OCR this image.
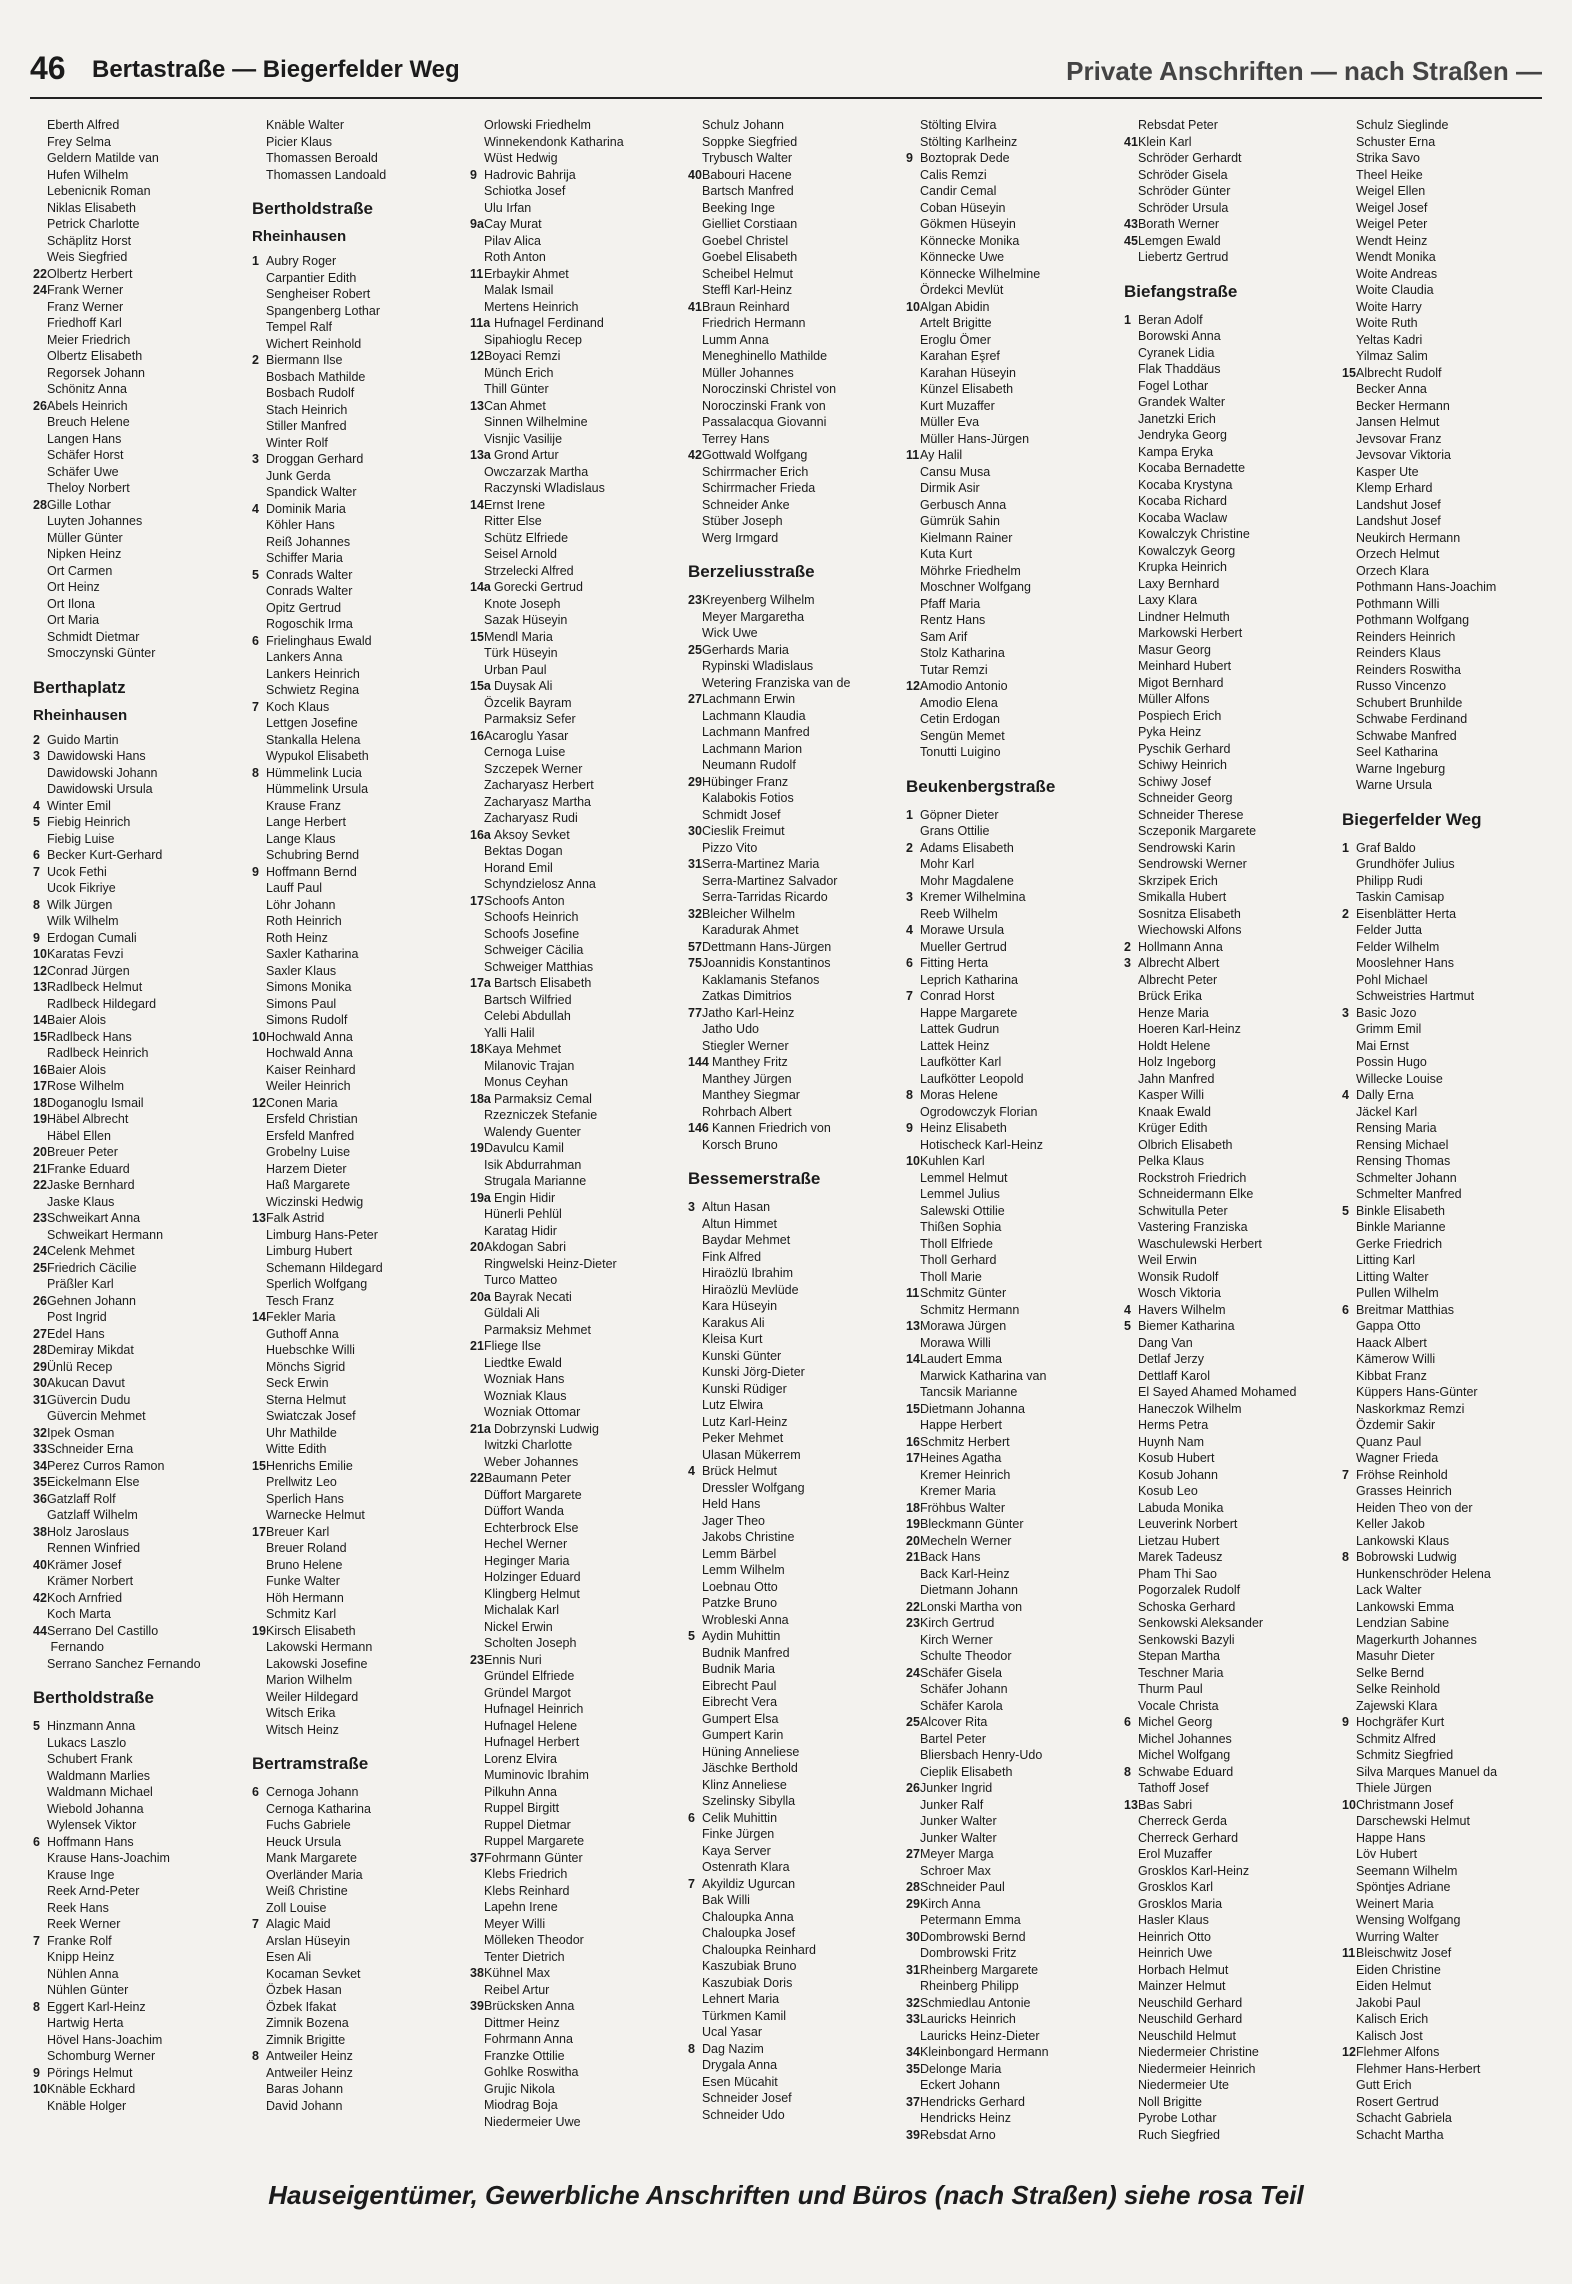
46 Bertastraße — Biegerfelder Weg	Private Anschriften — nach Straßen —
Eberth Alfred
Frey Selma
Geldern Matilde van
Hufen Wilhelm
Lebenicnik Roman
Niklas Elisabeth
Petrick Charlotte
Schäplitz Horst
Weis Siegfried
22Olbertz Herbert
24Frank Werner
Franz Werner
Friedhoff Karl
Meier Friedrich
Olbertz Elisabeth
Regorsek Johann
Schönitz Anna
26Abels Heinrich
Breuch Helene
Langen Hans
Schäfer Horst
Schäfer Uwe
Theloy Norbert
28Gille Lothar
Luyten Johannes
Müller Günter
Nipken Heinz
Ort Carmen
Ort Heinz
Ort Ilona
Ort Maria
Schmidt Dietmar
Smoczynski Günter
Berthaplatz
Rheinhausen
2 Guido Martin
3 Dawidowski Hans
Dawidowski Johann
Dawidowski Ursula
4 Winter Emil
5 Fiebig Heinrich
Fiebig Luise
6 Becker Kurt-Gerhard
7 Ucok Fethi
Ucok Fikriye
8 Wilk Jürgen
Wilk Wilhelm
9 Erdogan Cumali
10Karatas Fevzi
12Conrad Jürgen
13Radlbeck Helmut
Radlbeck Hildegard
14Baier Alois
15Radlbeck Hans
Radlbeck Heinrich
16Baier Alois
17Rose Wilhelm
18Doganoglu Ismail
19Häbel Albrecht
Häbel Ellen
20Breuer Peter
21Franke Eduard
22Jaske Bernhard
Jaske Klaus
23Schweikart Anna
Schweikart Hermann
24Celenk Mehmet
25Friedrich Cäcilie
Präßler Karl
26Gehnen Johann
Post Ingrid
27Edel Hans
28Demiray Mikdat
29Ünlü Recep
30Akucan Davut
31Güvercin Dudu
Güvercin Mehmet
32Ipek Osman
33Schneider Erna
34Perez Curros Ramon
35Eickelmann Else
36Gatzlaff Rolf
Gatzlaff Wilhelm
38Holz Jaroslaus
Rennen Winfried
40Krämer Josef
Krämer Norbert
42Koch Arnfried
Koch Marta
44Serrano Del Castillo
Fernando
Serrano Sanchez Fernando
Bertholdstraße
5 Hinzmann Anna
Lukacs Laszlo
Schubert Frank
Waldmann Marlies
Waldmann Michael
Wiebold Johanna
Wylensek Viktor
6 Hoffmann Hans
Krause Hans-Joachim
Krause Inge
Reek Arnd-Peter
Reek Hans
Reek Werner
7 Franke Rolf
Knipp Heinz
Nühlen Anna
Nühlen Günter
8 Eggert Karl-Heinz
Hartwig Herta
Hövel Hans-Joachim
Schomburg Werner
9 Pörings Helmut
10Knäble Eckhard
Knäble Holger
Knäble Walter
Picier Klaus
Thomassen Beroald
Thomassen Landoald
Bertholdstraße
Rheinhausen
1 Aubry Roger
Carpantier Edith
Sengheiser Robert
Spangenberg Lothar
Tempel Ralf
Wichert Reinhold
2 Biermann Ilse
Bosbach Mathilde
Bosbach Rudolf
Stach Heinrich
Stiller Manfred
Winter Rolf
3 Droggan Gerhard
Junk Gerda
Spandick Walter
4 Dominik Maria
Köhler Hans
Reiß Johannes
Schiffer Maria
5 Conrads Walter
Conrads Walter
Opitz Gertrud
Rogoschik Irma
6 Frielinghaus Ewald
Lankers Anna
Lankers Heinrich
Schwietz Regina
7 Koch Klaus
Lettgen Josefine
Stankalla Helena
Wypukol Elisabeth
8 Hümmelink Lucia
Hümmelink Ursula
Krause Franz
Lange Herbert
Lange Klaus
Schubring Bernd
9 Hoffmann Bernd
Lauff Paul
Löhr Johann
Roth Heinrich
Roth Heinz
Saxler Katharina
Saxler Klaus
Simons Monika
Simons Paul
Simons Rudolf
10Hochwald Anna
Hochwald Anna
Kaiser Reinhard
Weiler Heinrich
12Conen Maria
Ersfeld Christian
Ersfeld Manfred
Grobelny Luise
Harzem Dieter
Haß Margarete
Wiczinski Hedwig
13Falk Astrid
Limburg Hans-Peter
Limburg Hubert
Schemann Hildegard
Sperlich Wolfgang
Tesch Franz
14Fekler Maria
Guthoff Anna
Huebschke Willi
Mönchs Sigrid
Seck Erwin
Sterna Helmut
Swiatczak Josef
Uhr Mathilde
Witte Edith
15Henrichs Emilie
Prellwitz Leo
Sperlich Hans
Warnecke Helmut
17Breuer Karl
Breuer Roland
Bruno Helene
Funke Walter
Höh Hermann
Schmitz Karl
19Kirsch Elisabeth
Lakowski Hermann
Lakowski Josefine
Marion Wilhelm
Weiler Hildegard
Witsch Erika
Witsch Heinz
Bertramstraße
6 Cernoga Johann
Cernoga Katharina
Fuchs Gabriele
Heuck Ursula
Mank Margarete
Overländer Maria
Weiß Christine
Zoll Louise
7 Alagic Maid
Arslan Hüseyin
Esen Ali
Kocaman Sevket
Özbek Hasan
Özbek Ifakat
Zimnik Bozena
Zimnik Brigitte
8 Antweiler Heinz
Antweiler Heinz
Baras Johann
David Johann
Orlowski Friedhelm
Winnekendonk Katharina
Wüst Hedwig
9 Hadrovic Bahrija
Schiotka Josef
Ulu Irfan
9aCay Murat
Pilav Alica
Roth Anton
11Erbaykir Ahmet
Malak Ismail
Mertens Heinrich
11a Hufnagel Ferdinand
Sipahioglu Recep
12Boyaci Remzi
Münch Erich
Thill Günter
13Can Ahmet
Sinnen Wilhelmine
Visnjic Vasilije
13a Grond Artur
Owczarzak Martha
Raczynski Wladislaus
14Ernst Irene
Ritter Else
Schütz Elfriede
Seisel Arnold
Strzelecki Alfred
14a Gorecki Gertrud
Knote Joseph
Sazak Hüseyin
15Mendl Maria
Türk Hüseyin
Urban Paul
15a Duysak Ali
Özcelik Bayram
Parmaksiz Sefer
16Acaroglu Yasar
Cernoga Luise
Szczepek Werner
Zacharyasz Herbert
Zacharyasz Martha
Zacharyasz Rudi
16a Aksoy Sevket
Bektas Dogan
Horand Emil
Schyndzielosz Anna
17Schoofs Anton
Schoofs Heinrich
Schoofs Josefine
Schweiger Cäcilia
Schweiger Matthias
17a Bartsch Elisabeth
Bartsch Wilfried
Celebi Abdullah
Yalli Halil
18Kaya Mehmet
Milanovic Trajan
Monus Ceyhan
18a Parmaksiz Cemal
Rzezniczek Stefanie
Walendy Guenter
19Davulcu Kamil
Isik Abdurrahman
Strugala Marianne
19a Engin Hidir
Hünerli Pehlül
Karatag Hidir
20Akdogan Sabri
Ringwelski Heinz-Dieter
Turco Matteo
20a Bayrak Necati
Güldali Ali
Parmaksiz Mehmet
21Fliege Ilse
Liedtke Ewald
Wozniak Hans
Wozniak Klaus
Wozniak Ottomar
21a Dobrzynski Ludwig
Iwitzki Charlotte
Weber Johannes
22Baumann Peter
Düffort Margarete
Düffort Wanda
Echterbrock Else
Hechel Werner
Heginger Maria
Holzinger Eduard
Klingberg Helmut
Michalak Karl
Nickel Erwin
Scholten Joseph
23Ennis Nuri
Gründel Elfriede
Gründel Margot
Hufnagel Heinrich
Hufnagel Helene
Hufnagel Herbert
Lorenz Elvira
Muminovic Ibrahim
Pilkuhn Anna
Ruppel Birgitt
Ruppel Dietmar
Ruppel Margarete
37Fohrmann Günter
Klebs Friedrich
Klebs Reinhard
Lapehn Irene
Meyer Willi
Mölleken Theodor
Tenter Dietrich
38Kühnel Max
Reibel Artur
39Brücksken Anna
Dittmer Heinz
Fohrmann Anna
Franzke Ottilie
Gohlke Roswitha
Grujic Nikola
Miodrag Boja
Niedermeier Uwe
Schulz Johann
Soppke Siegfried
Trybusch Walter
40Babouri Hacene
Bartsch Manfred
Beeking Inge
Gielliet Corstiaan
Goebel Christel
Goebel Elisabeth
Scheibel Helmut
Steffl Karl-Heinz
41Braun Reinhard
Friedrich Hermann
Lumm Anna
Meneghinello Mathilde
Müller Johannes
Noroczinski Christel von
Noroczinski Frank von
Passalacqua Giovanni
Terrey Hans
42Gottwald Wolfgang
Schirrmacher Erich
Schirrmacher Frieda
Schneider Anke
Stüber Joseph
Werg Irmgard
Berzeliusstraße
23Kreyenberg Wilhelm
Meyer Margaretha
Wick Uwe
25Gerhards Maria
Rypinski Wladislaus
Wetering Franziska van de
27Lachmann Erwin
Lachmann Klaudia
Lachmann Manfred
Lachmann Marion
Neumann Rudolf
29Hübinger Franz
Kalabokis Fotios
Schmidt Josef
30Cieslik Freimut
Pizzo Vito
31Serra-Martinez Maria
Serra-Martinez Salvador
Serra-Tarridas Ricardo
32Bleicher Wilhelm
Karadurak Ahmet
57Dettmann Hans-Jürgen
75Joannidis Konstantinos
Kaklamanis Stefanos
Zatkas Dimitrios
77Jatho Karl-Heinz
Jatho Udo
Stiegler Werner
144 Manthey Fritz
Manthey Jürgen
Manthey Siegmar
Rohrbach Albert
146 Kannen Friedrich von
Korsch Bruno
Bessemerstraße
3 Altun Hasan
Altun Himmet
Baydar Mehmet
Fink Alfred
Hiraözlü Ibrahim
Hiraözlü Mevlüde
Kara Hüseyin
Karakus Ali
Kleisa Kurt
Kunski Günter
Kunski Jörg-Dieter
Kunski Rüdiger
Lutz Elwira
Lutz Karl-Heinz
Peker Mehmet
Ulasan Mükerrem
4 Brück Helmut
Dressler Wolfgang
Held Hans
Jager Theo
Jakobs Christine
Lemm Bärbel
Lemm Wilhelm
Loebnau Otto
Patzke Bruno
Wrobleski Anna
5 Aydin Muhittin
Budnik Manfred
Budnik Maria
Eibrecht Paul
Eibrecht Vera
Gumpert Elsa
Gumpert Karin
Hüning Anneliese
Jäschke Berthold
Klinz Anneliese
Szelinsky Sibylla
6 Celik Muhittin
Finke Jürgen
Kaya Server
Ostenrath Klara
7 Akyildiz Ugurcan
Bak Willi
Chaloupka Anna
Chaloupka Josef
Chaloupka Reinhard
Kaszubiak Bruno
Kaszubiak Doris
Lehnert Maria
Türkmen Kamil
Ucal Yasar
8 Dag Nazim
Drygala Anna
Esen Mücahit
Schneider Josef
Schneider Udo
Stölting Elvira
Stölting Karlheinz
9 Boztoprak Dede
Calis Remzi
Candir Cemal
Coban Hüseyin
Gökmen Hüseyin
Könnecke Monika
Könnecke Uwe
Könnecke Wilhelmine
Ördekci Mevlüt
10Algan Abidin
Artelt Brigitte
Eroglu Ömer
Karahan Eşref
Karahan Hüseyin
Künzel Elisabeth
Kurt Muzaffer
Müller Eva
Müller Hans-Jürgen
11Ay Halil
Cansu Musa
Dirmik Asir
Gerbusch Anna
Gümrük Sahin
Kielmann Rainer
Kuta Kurt
Möhrke Friedhelm
Moschner Wolfgang
Pfaff Maria
Rentz Hans
Sam Arif
Stolz Katharina
Tutar Remzi
12Amodio Antonio
Amodio Elena
Cetin Erdogan
Sengün Memet
Tonutti Luigino
Beukenbergstraße
1 Göpner Dieter
Grans Ottilie
2 Adams Elisabeth
Mohr Karl
Mohr Magdalene
3 Kremer Wilhelmina
Reeb Wilhelm
4 Morawe Ursula
Mueller Gertrud
6 Fitting Herta
Leprich Katharina
7 Conrad Horst
Happe Margarete
Lattek Gudrun
Lattek Heinz
Laufkötter Karl
Laufkötter Leopold
8 Moras Helene
Ogrodowczyk Florian
9 Heinz Elisabeth
Hotischeck Karl-Heinz
10Kuhlen Karl
Lemmel Helmut
Lemmel Julius
Salewski Ottilie
Thißen Sophia
Tholl Elfriede
Tholl Gerhard
Tholl Marie
11Schmitz Günter
Schmitz Hermann
13Morawa Jürgen
Morawa Willi
14Laudert Emma
Marwick Katharina van
Tancsik Marianne
15Dietmann Johanna
Happe Herbert
16Schmitz Herbert
17Heines Agatha
Kremer Heinrich
Kremer Maria
18Fröhbus Walter
19Bleckmann Günter
20Mecheln Werner
21Back Hans
Back Karl-Heinz
Dietmann Johann
22Lonski Martha von
23Kirch Gertrud
Kirch Werner
Schulte Theodor
24Schäfer Gisela
Schäfer Johann
Schäfer Karola
25Alcover Rita
Bartel Peter
Bliersbach Henry-Udo
Cieplik Elisabeth
26Junker Ingrid
Junker Ralf
Junker Walter
Junker Walter
27Meyer Marga
Schroer Max
28Schneider Paul
29Kirch Anna
Petermann Emma
30Dombrowski Bernd
Dombrowski Fritz
31Rheinberg Margarete
Rheinberg Philipp
32Schmiedlau Antonie
33Lauricks Heinrich
Lauricks Heinz-Dieter
34Kleinbongard Hermann
35Delonge Maria
Eckert Johann
37Hendricks Gerhard
Hendricks Heinz
39Rebsdat Arno
Rebsdat Peter
41Klein Karl
Schröder Gerhardt
Schröder Gisela
Schröder Günter
Schröder Ursula
43Borath Werner
45Lemgen Ewald
Liebertz Gertrud
Biefangstraße
1 Beran Adolf
Borowski Anna
Cyranek Lidia
Flak Thaddäus
Fogel Lothar
Grandek Walter
Janetzki Erich
Jendryka Georg
Kampa Eryka
Kocaba Bernadette
Kocaba Krystyna
Kocaba Richard
Kocaba Waclaw
Kowalczyk Christine
Kowalczyk Georg
Krupka Heinrich
Laxy Bernhard
Laxy Klara
Lindner Helmuth
Markowski Herbert
Masur Georg
Meinhard Hubert
Migot Bernhard
Müller Alfons
Pospiech Erich
Pyka Heinz
Pyschik Gerhard
Schiwy Heinrich
Schiwy Josef
Schneider Georg
Schneider Therese
Sczeponik Margarete
Sendrowski Karin
Sendrowski Werner
Skrzipek Erich
Smikalla Hubert
Sosnitza Elisabeth
Wiechowski Alfons
2 Hollmann Anna
3 Albrecht Albert
Albrecht Peter
Brück Erika
Henze Maria
Hoeren Karl-Heinz
Holdt Helene
Holz Ingeborg
Jahn Manfred
Kasper Willi
Knaak Ewald
Krüger Edith
Olbrich Elisabeth
Pelka Klaus
Rockstroh Friedrich
Schneidermann Elke
Schwitulla Peter
Vastering Franziska
Waschulewski Herbert
Weil Erwin
Wonsik Rudolf
Wosch Viktoria
4 Havers Wilhelm
5 Biemer Katharina
Dang Van
Detlaf Jerzy
Dettlaff Karol
El Sayed Ahamed Mohamed
Haneczok Wilhelm
Herms Petra
Huynh Nam
Kosub Hubert
Kosub Johann
Kosub Leo
Labuda Monika
Leuverink Norbert
Lietzau Hubert
Marek Tadeusz
Pham Thi Sao
Pogorzalek Rudolf
Schoska Gerhard
Senkowski Aleksander
Senkowski Bazyli
Stepan Martha
Teschner Maria
Thurm Paul
Vocale Christa
6 Michel Georg
Michel Johannes
Michel Wolfgang
8 Schwabe Eduard
Tathoff Josef
13Bas Sabri
Cherreck Gerda
Cherreck Gerhard
Erol Muzaffer
Grosklos Karl-Heinz
Grosklos Karl
Grosklos Maria
Hasler Klaus
Heinrich Otto
Heinrich Uwe
Horbach Helmut
Mainzer Helmut
Neuschild Gerhard
Neuschild Gerhard
Neuschild Helmut
Niedermeier Christine
Niedermeier Heinrich
Niedermeier Ute
Noll Brigitte
Pyrobe Lothar
Ruch Siegfried
Schulz Sieglinde
Schuster Erna
Strika Savo
Theel Heike
Weigel Ellen
Weigel Josef
Weigel Peter
Wendt Heinz
Wendt Monika
Woite Andreas
Woite Claudia
Woite Harry
Woite Ruth
Yeltas Kadri
Yilmaz Salim
15Albrecht Rudolf
Becker Anna
Becker Hermann
Jansen Helmut
Jevsovar Franz
Jevsovar Viktoria
Kasper Ute
Klemp Erhard
Landshut Josef
Landshut Josef
Neukirch Hermann
Orzech Helmut
Orzech Klara
Pothmann Hans-Joachim
Pothmann Willi
Pothmann Wolfgang
Reinders Heinrich
Reinders Klaus
Reinders Roswitha
Russo Vincenzo
Schubert Brunhilde
Schwabe Ferdinand
Schwabe Manfred
Seel Katharina
Warne Ingeburg
Warne Ursula
Biegerfelder Weg
1 Graf Baldo
Grundhöfer Julius
Philipp Rudi
Taskin Camisap
2 Eisenblätter Herta
Felder Jutta
Felder Wilhelm
Mooslehner Hans
Pohl Michael
Schweistries Hartmut
3 Basic Jozo
Grimm Emil
Mai Ernst
Possin Hugo
Willecke Louise
4 Dally Erna
Jäckel Karl
Rensing Maria
Rensing Michael
Rensing Thomas
Schmelter Johann
Schmelter Manfred
5 Binkle Elisabeth
Binkle Marianne
Gerke Friedrich
Litting Karl
Litting Walter
Pullen Wilhelm
6 Breitmar Matthias
Gappa Otto
Haack Albert
Kämerow Willi
Kibbat Franz
Küppers Hans-Günter
Naskorkmaz Remzi
Özdemir Sakir
Quanz Paul
Wagner Frieda
7 Fröhse Reinhold
Grasses Heinrich
Heiden Theo von der
Keller Jakob
Lankowski Klaus
8 Bobrowski Ludwig
Hunkenschröder Helena
Lack Walter
Lankowski Emma
Lendzian Sabine
Magerkurth Johannes
Masuhr Dieter
Selke Bernd
Selke Reinhold
Zajewski Klara
9 Hochgräfer Kurt
Schmitz Alfred
Schmitz Siegfried
Silva Marques Manuel da
Thiele Jürgen
10Christmann Josef
Darschewski Helmut
Happe Hans
Löv Hubert
Seemann Wilhelm
Spöntjes Adriane
Weinert Maria
Wensing Wolfgang
Wurring Walter
11Bleischwitz Josef
Eiden Christine
Eiden Helmut
Jakobi Paul
Kalisch Erich
Kalisch Jost
12Flehmer Alfons
Flehmer Hans-Herbert
Gutt Erich
Rosert Gertrud
Schacht Gabriela
Schacht Martha
Hauseigentümer, Gewerbliche Anschriften und Büros (nach Straßen) siehe rosa Teil
